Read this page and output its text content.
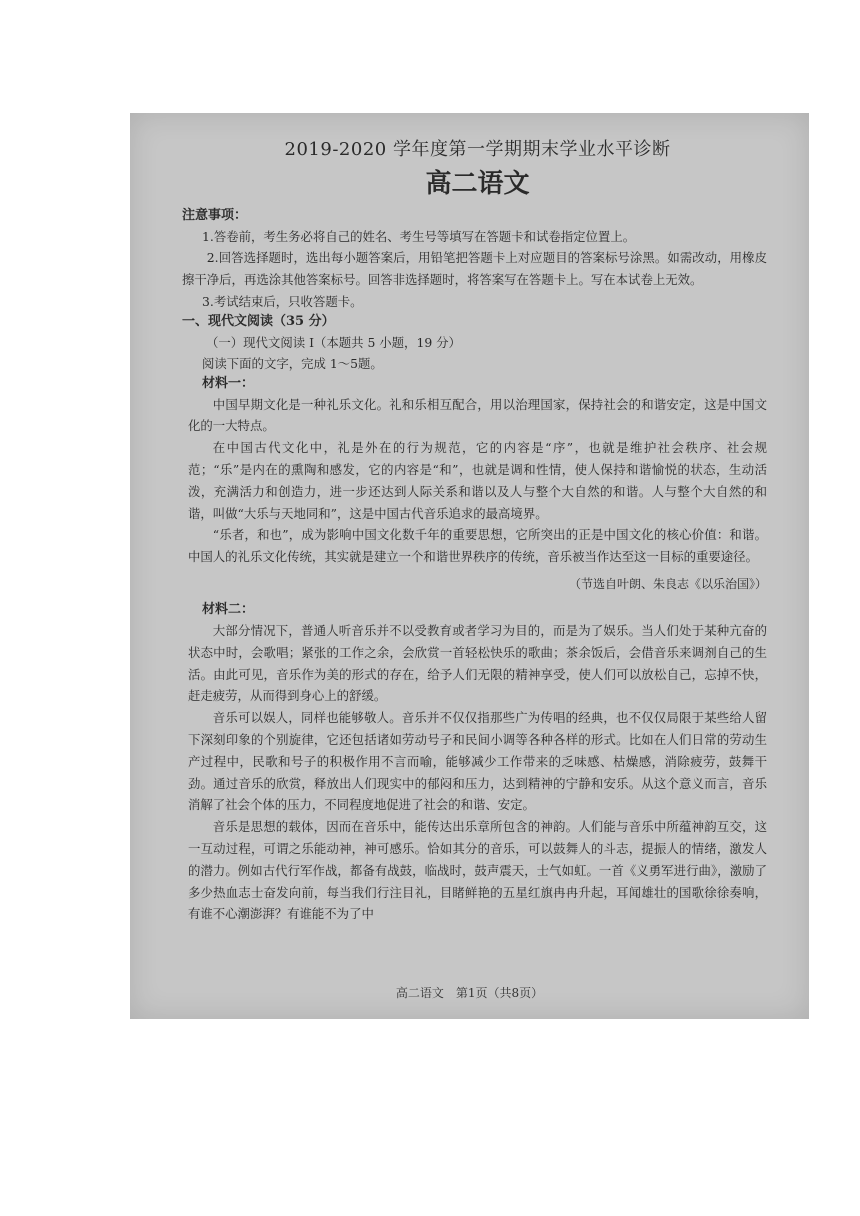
2019-2020 学年度第一学期期末学业水平诊断
高二语文
注意事项：
1.答卷前，考生务必将自己的姓名、考生号等填写在答题卡和试卷指定位置上。

2.回答选择题时，选出每小题答案后，用铅笔把答题卡上对应题目的答案标号涂黑。如需改动，用橡皮擦干净后，再选涂其他答案标号。回答非选择题时，将答案写在答题卡上。写在本试卷上无效。

3.考试结束后，只收答题卡。
一、现代文阅读（35 分）
（一）现代文阅读 I（本题共 5 小题，19 分）
阅读下面的文字，完成 1～5题。
材料一：

中国早期文化是一种礼乐文化。礼和乐相互配合，用以治理国家，保持社会的和谐安定，这是中国文化的一大特点。

在中国古代文化中，礼是外在的行为规范，它的内容是“序”，也就是维护社会秩序、社会规范；“乐”是内在的熏陶和感发，它的内容是“和”，也就是调和性情，使人保持和谐愉悦的状态，生动活泼，充满活力和创造力，进一步还达到人际关系和谐以及人与整个大自然的和谐。人与整个大自然的和谐，叫做“大乐与天地同和”，这是中国古代音乐追求的最高境界。

“乐者，和也”，成为影响中国文化数千年的重要思想，它所突出的正是中国文化的核心价值：和谐。中国人的礼乐文化传统，其实就是建立一个和谐世界秩序的传统，音乐被当作达至这一目标的重要途径。

（节选自叶朗、朱良志《以乐治国》）
材料二：

大部分情况下，普通人听音乐并不以受教育或者学习为目的，而是为了娱乐。当人们处于某种亢奋的状态中时，会歌唱；紧张的工作之余，会欣赏一首轻松快乐的歌曲；茶余饭后，会借音乐来调剂自己的生活。由此可见，音乐作为美的形式的存在，给予人们无限的精神享受，使人们可以放松自己，忘掉不快，赶走疲劳，从而得到身心上的舒缓。

音乐可以娱人，同样也能够敬人。音乐并不仅仅指那些广为传唱的经典，也不仅仅局限于某些给人留下深刻印象的个别旋律，它还包括诸如劳动号子和民间小调等各种各样的形式。比如在人们日常的劳动生产过程中，民歌和号子的积极作用不言而喻，能够减少工作带来的乏味感、枯燥感，消除疲劳，鼓舞干劲。通过音乐的欣赏，释放出人们现实中的郁闷和压力，达到精神的宁静和安乐。从这个意义而言，音乐消解了社会个体的压力，不同程度地促进了社会的和谐、安定。

音乐是思想的载体，因而在音乐中，能传达出乐章所包含的神韵。人们能与音乐中所蕴神韵互交，这一互动过程，可谓之乐能动神，神可感乐。恰如其分的音乐，可以鼓舞人的斗志，提振人的情绪，激发人的潜力。例如古代行军作战，都备有战鼓，临战时，鼓声震天，士气如虹。一首《义勇军进行曲》，激励了多少热血志士奋发向前，每当我们行注目礼，目睹鲜艳的五星红旗冉冉升起，耳闻雄壮的国歌徐徐奏响，有谁不心潮澎湃？有谁能不为了中

高二语文　第1页（共8页）
